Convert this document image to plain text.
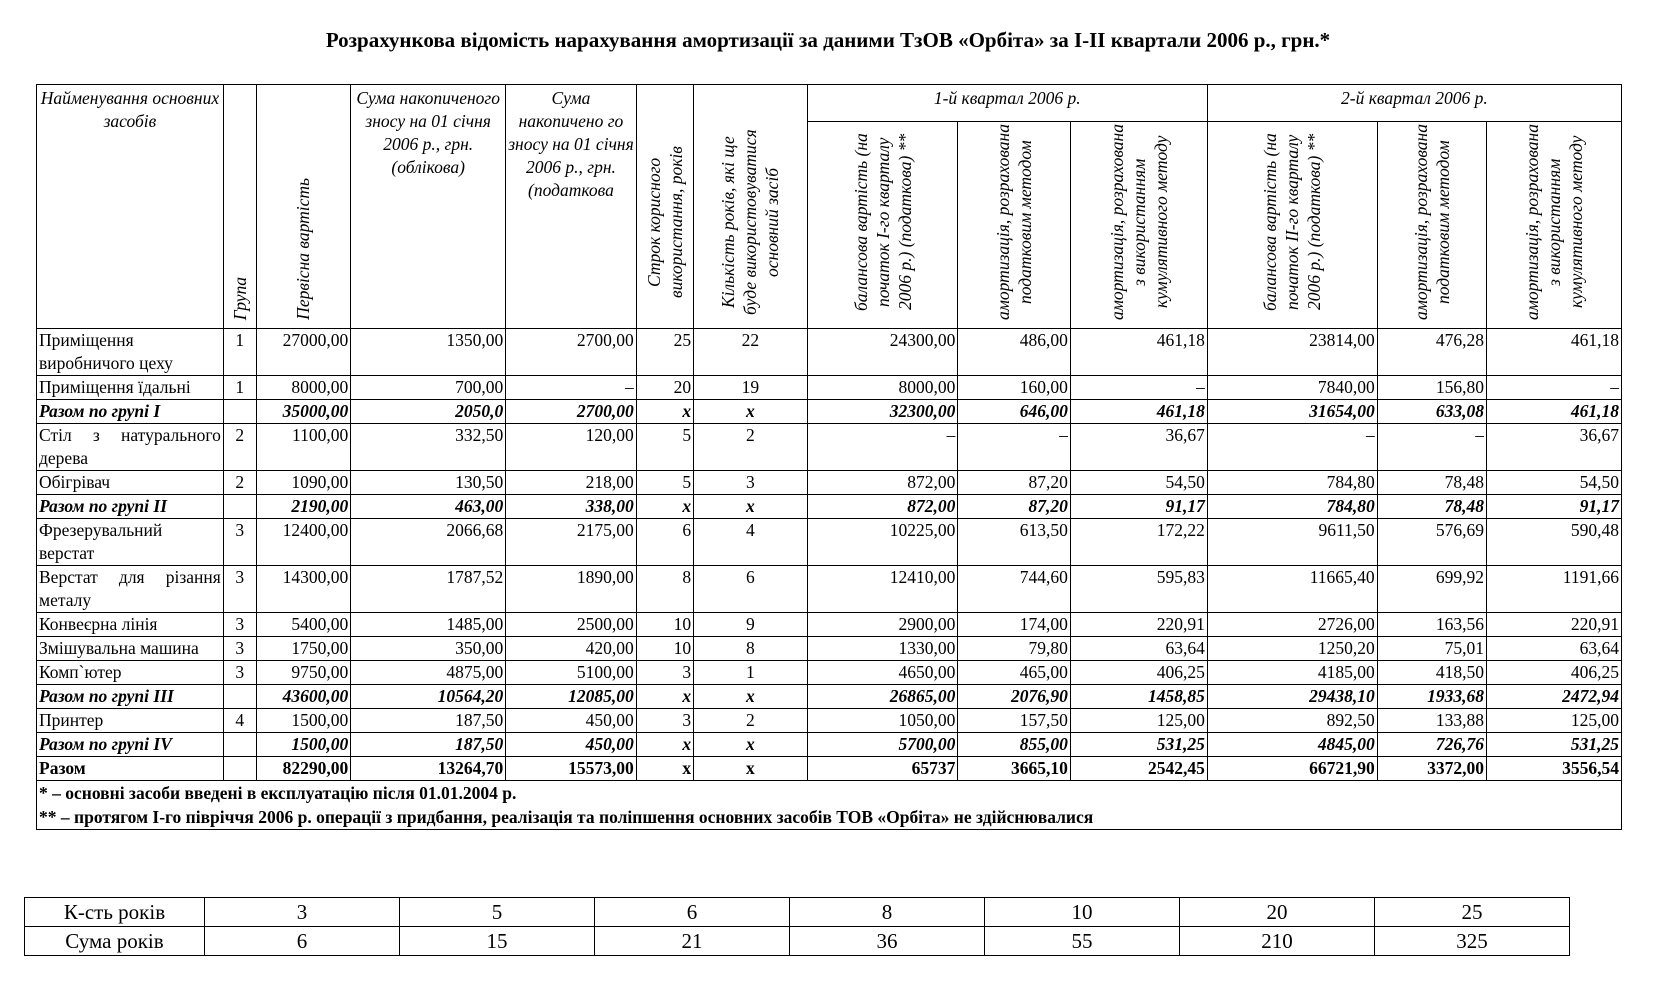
Розрахункова відомість нарахування амортизації за даними ТзОВ «Орбіта» за І-ІІ квартали 2006 р., грн.*
Найменування основних засобів	Група	Первісна вартість	Сума накопиченого зносу на 01 січня 2006 р., грн. (облікова)	Сума накопичено го зносу на 01 січня 2006 р., грн. (податкова	Строк корисного використання, років	Кількість років, які ще буде використовуватися основний засіб	1-й квартал 2006 р.			2-й квартал 2006 р.		
							балансова вартість (на початок І-го кварталу 2006 р.) (податкова) **	амортизація, розрахована податковим методом	амортизація, розрахована з використанням кумулятивного методу	балансова вартість (на початок ІІ-го кварталу 2006 р.) (податкова) **	амортизація, розрахована податковим методом	амортизація, розрахована з використанням кумулятивного методу
Приміщення виробничого цеху	1	27000,00	1350,00	2700,00	25	22	24300,00	486,00	461,18	23814,00	476,28	461,18
Приміщення їдальні	1	8000,00	700,00	–	20	19	8000,00	160,00	–	7840,00	156,80	–
Разом по групі І		35000,00	2050,0	2700,00	х	х	32300,00	646,00	461,18	31654,00	633,08	461,18
Стіл з натурального дерева	2	1100,00	332,50	120,00	5	2	–	–	36,67	–	–	36,67
Обігрівач	2	1090,00	130,50	218,00	5	3	872,00	87,20	54,50	784,80	78,48	54,50
Разом по групі ІІ		2190,00	463,00	338,00	х	х	872,00	87,20	91,17	784,80	78,48	91,17
Фрезерувальний верстат	3	12400,00	2066,68	2175,00	6	4	10225,00	613,50	172,22	9611,50	576,69	590,48
Верстат для різання металу	3	14300,00	1787,52	1890,00	8	6	12410,00	744,60	595,83	11665,40	699,92	1191,66
Конвеєрна лінія	3	5400,00	1485,00	2500,00	10	9	2900,00	174,00	220,91	2726,00	163,56	220,91
Змішувальна машина	3	1750,00	350,00	420,00	10	8	1330,00	79,80	63,64	1250,20	75,01	63,64
Комп`ютер	3	9750,00	4875,00	5100,00	3	1	4650,00	465,00	406,25	4185,00	418,50	406,25
Разом по групі ІІІ		43600,00	10564,20	12085,00	х	х	26865,00	2076,90	1458,85	29438,10	1933,68	2472,94
Принтер	4	1500,00	187,50	450,00	3	2	1050,00	157,50	125,00	892,50	133,88	125,00
Разом по групі IV		1500,00	187,50	450,00	х	х	5700,00	855,00	531,25	4845,00	726,76	531,25
Разом		82290,00	13264,70	15573,00	х	х	65737	3665,10	2542,45	66721,90	3372,00	3556,54

* – основні засоби введені в експлуатацію після 01.01.2004 р.
** – протягом І-го півріччя 2006 р. операції з придбання, реалізація та поліпшення основних засобів ТОВ «Орбіта» не здійснювалися												
К-сть років	3	5	6	8	10	20	25
Сума років	6	15	21	36	55	210	325
